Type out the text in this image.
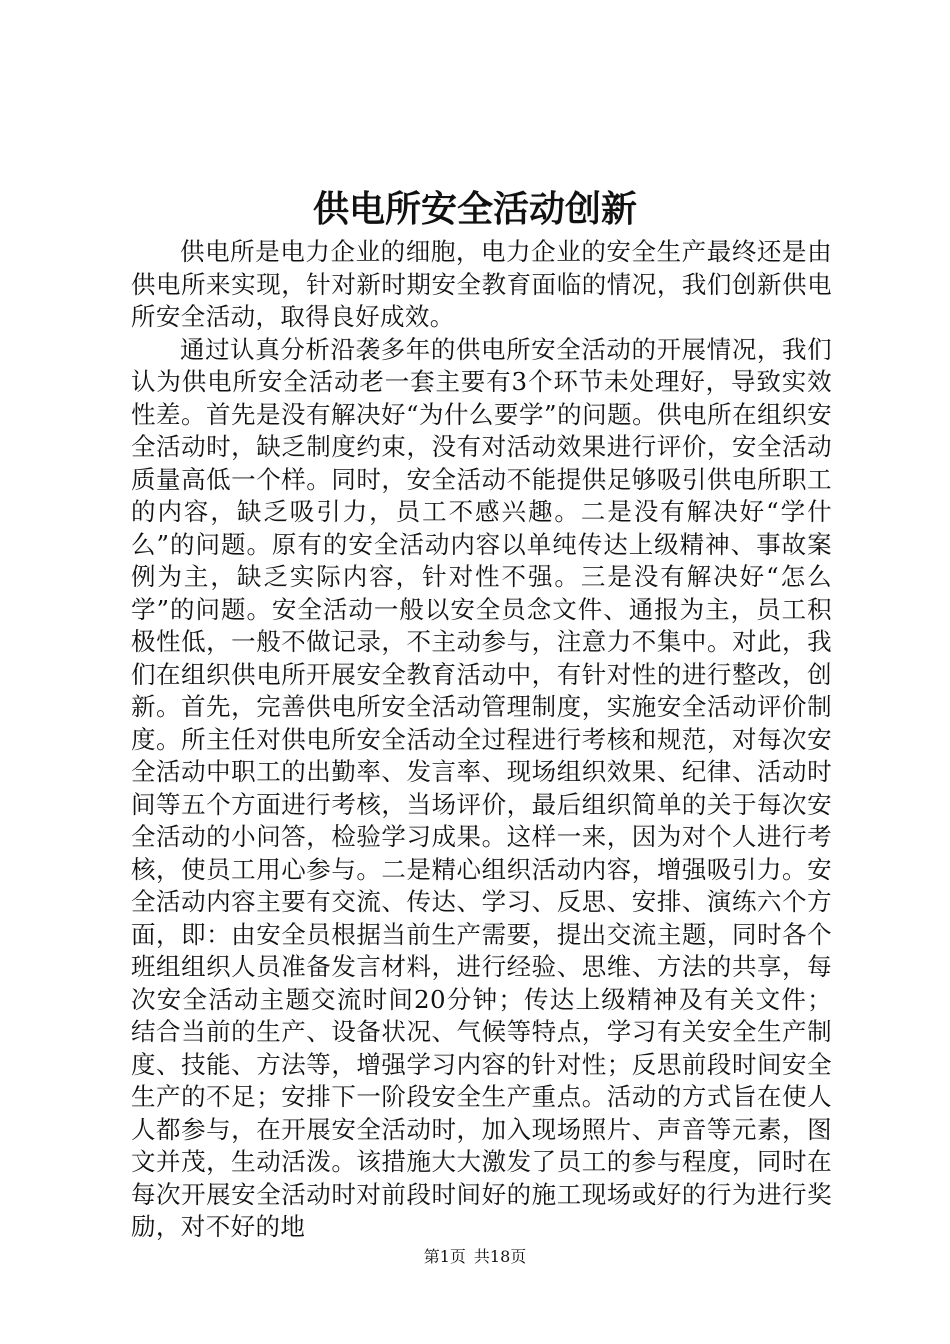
供电所安全活动创新

供电所是电力企业的细胞，电力企业的安全生产最终还是由供电所来实现，针对新时期安全教育面临的情况，我们创新供电所安全活动，取得良好成效。

通过认真分析沿袭多年的供电所安全活动的开展情况，我们认为供电所安全活动老一套主要有3个环节未处理好，导致实效性差。首先是没有解决好“为什么要学”的问题。供电所在组织安全活动时，缺乏制度约束，没有对活动效果进行评价，安全活动质量高低一个样。同时，安全活动不能提供足够吸引供电所职工的内容，缺乏吸引力，员工不感兴趣。二是没有解决好“学什么”的问题。原有的安全活动内容以单纯传达上级精神、事故案例为主，缺乏实际内容，针对性不强。三是没有解决好“怎么学”的问题。安全活动一般以安全员念文件、通报为主，员工积极性低，一般不做记录，不主动参与，注意力不集中。对此，我们在组织供电所开展安全教育活动中，有针对性的进行整改，创新。首先，完善供电所安全活动管理制度，实施安全活动评价制度。所主任对供电所安全活动全过程进行考核和规范，对每次安全活动中职工的出勤率、发言率、现场组织效果、纪律、活动时间等五个方面进行考核，当场评价，最后组织简单的关于每次安全活动的小问答，检验学习成果。这样一来，因为对个人进行考核，使员工用心参与。二是精心组织活动内容，增强吸引力。安全活动内容主要有交流、传达、学习、反思、安排、演练六个方面，即：由安全员根据当前生产需要，提出交流主题，同时各个班组组织人员准备发言材料，进行经验、思维、方法的共享，每次安全活动主题交流时间20分钟；传达上级精神及有关文件；结合当前的生产、设备状况、气候等特点，学习有关安全生产制度、技能、方法等，增强学习内容的针对性；反思前段时间安全生产的不足；安排下一阶段安全生产重点。活动的方式旨在使人人都参与，在开展安全活动时，加入现场照片、声音等元素，图文并茂，生动活泼。该措施大大激发了员工的参与程度，同时在每次开展安全活动时对前段时间好的施工现场或好的行为进行奖励，对不好的地

第1页 共18页
